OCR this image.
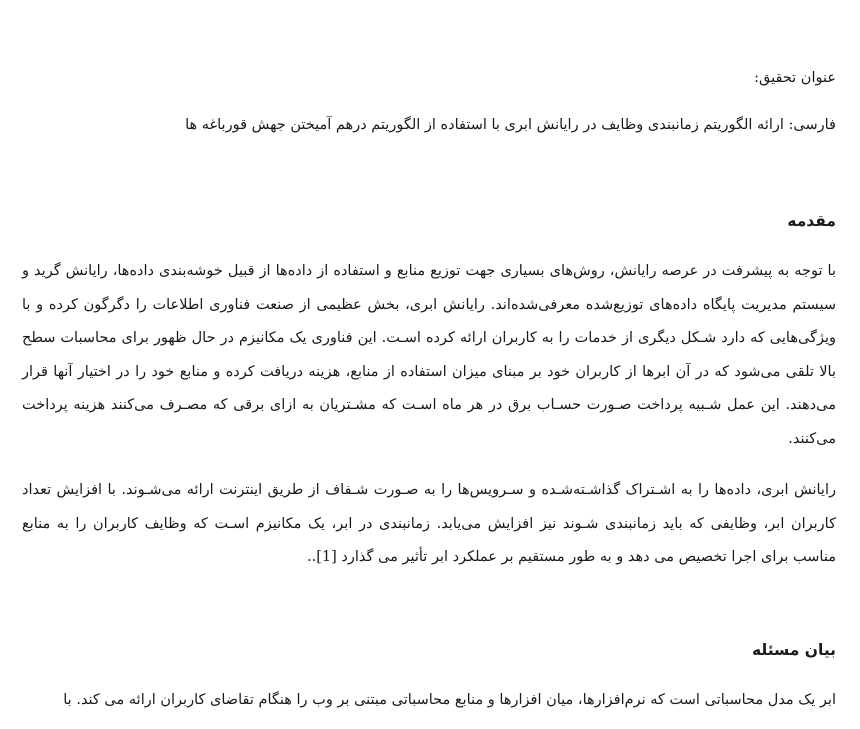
عنوان تحقیق:

فارسی: ارائه الگوریتم زمانبندی وظایف در رایانش ابری با استفاده از الگوریتم درهم آمیختن جهش قورباغه ها

مقدمه

با توجه به پیشرفت در عرصه رایانش، روش‌های بسیاری جهت توزیع منابع و استفاده از داده‌ها از قبیل خوشه‌بندی داده‌ها، رایانش گرید و سیستم مدیریت پایگاه داده‌های توزیع‌شده معرفی‌شده‌اند. رایانش ابری، بخش عظیمی از صنعت فناوری اطلاعات را دگرگون کرده و با ویژگی‌هایی که دارد شـکل دیگری از خدمات را به کاربران ارائه کرده اسـت. این فناوری یک مکانیزم در حال ظهور برای محاسبات سطح بالا تلقی می‌شود که در آن ابرها از کاربران خود بر مبنای میزان استفاده از منابع، هزینه دریافت کرده و منابع خود را در اختیار آنها قرار می‌دهند. این عمل شـبیه پرداخت صـورت حسـاب برق در هر ماه اسـت که مشـتریان به ازای برقی که مصـرف می‌کنند هزینه پرداخت می‌کنند.

رایانش ابری، داده‌ها را به اشـتراک گذاشـته‌شـده و سـرویس‌ها را به صـورت شـفاف از طریق اینترنت ارائه می‌شـوند. با افزایش تعداد کاربران ابر، وظایفی که باید زمانبندی شـوند نیز افزایش می‌یابد. زمانبندی در ابر، یک مکانیزم اسـت که وظایف کاربران را به منابع مناسب برای اجرا تخصیص می دهد و به طور مستقیم بر عملکرد ابر تأثیر می گذارد [1]..

بیان مسئله

ابر یک مدل محاسباتی است که نرم‌افزارها، میان افزارها و منابع محاسباتی مبتنی بر وب را هنگام تقاضای کاربران ارائه می کند. با
